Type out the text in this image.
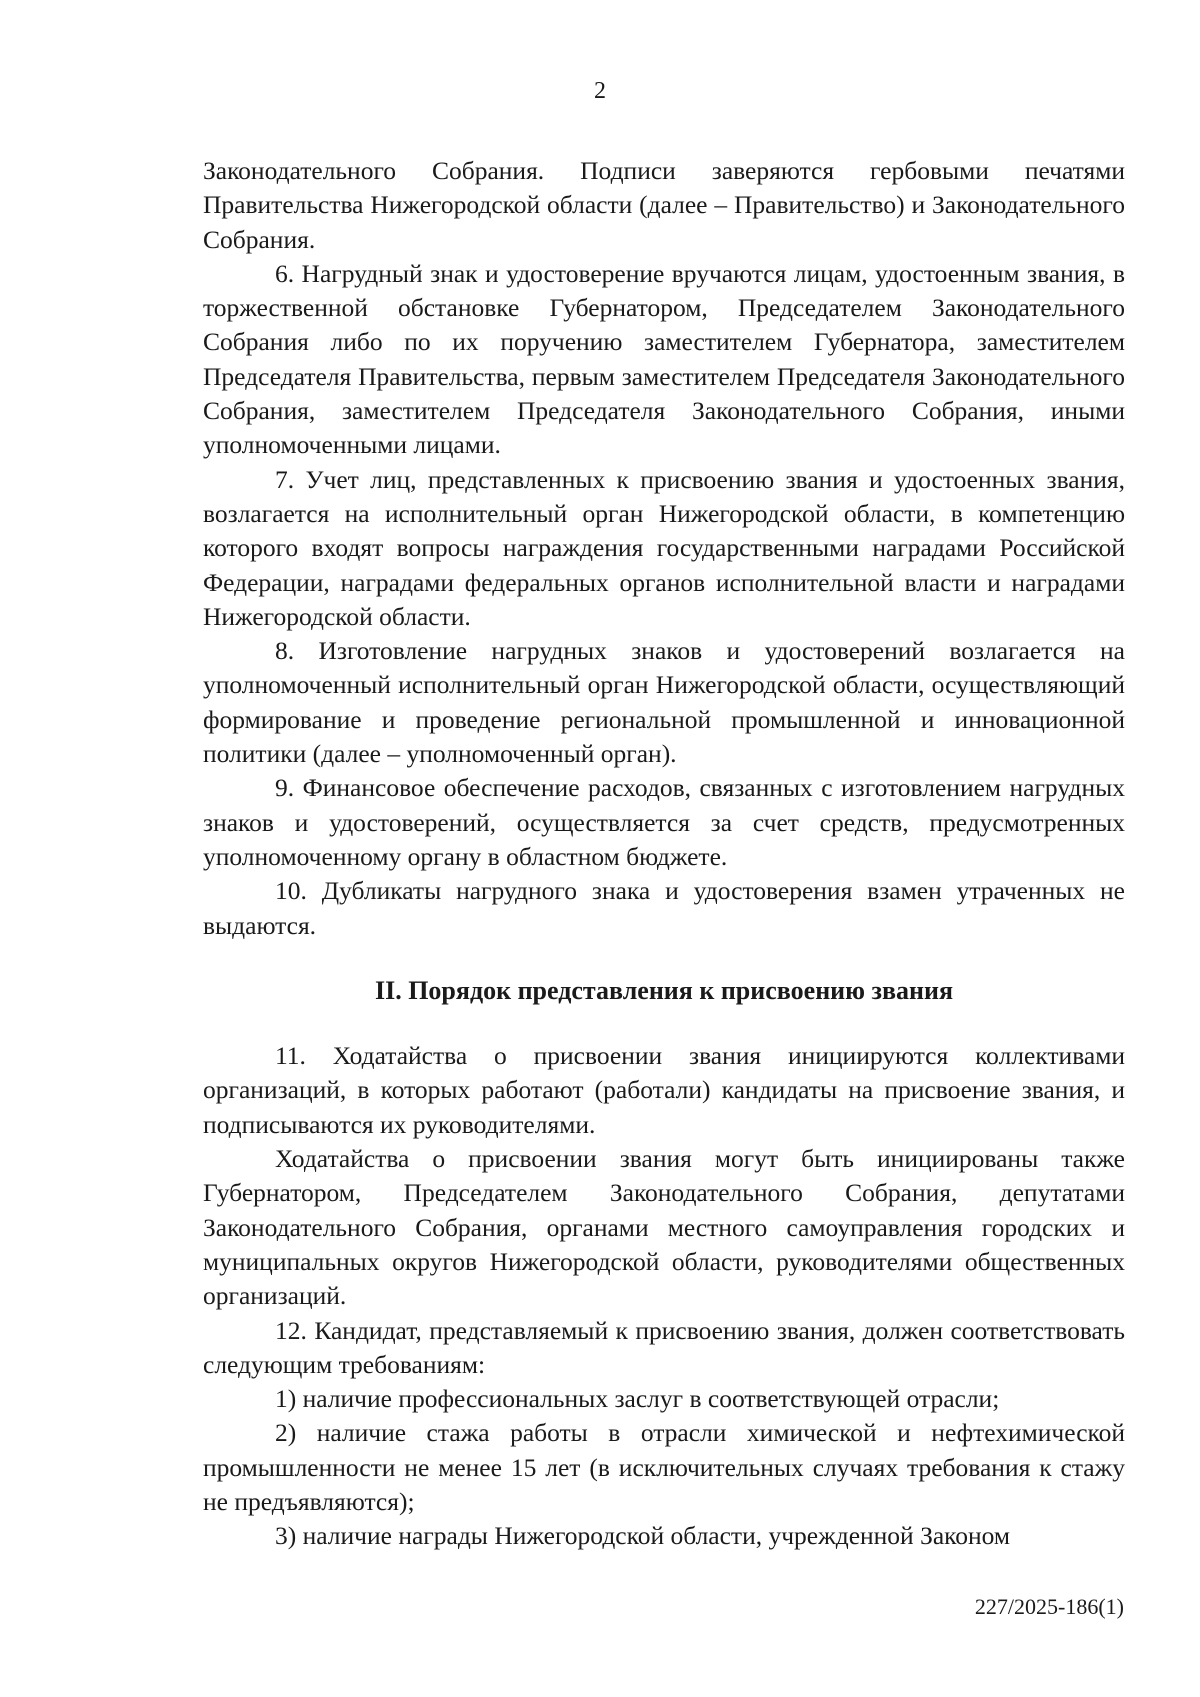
2

Законодательного Собрания. Подписи заверяются гербовыми печатями Правительства Нижегородской области (далее – Правительство) и Законодательного Собрания.

6. Нагрудный знак и удостоверение вручаются лицам, удостоенным звания, в торжественной обстановке Губернатором, Председателем Законодательного Собрания либо по их поручению заместителем Губернатора, заместителем Председателя Правительства, первым заместителем Председателя Законодательного Собрания, заместителем Председателя Законодательного Собрания, иными уполномоченными лицами.

7. Учет лиц, представленных к присвоению звания и удостоенных звания, возлагается на исполнительный орган Нижегородской области, в компетенцию которого входят вопросы награждения государственными наградами Российской Федерации, наградами федеральных органов исполнительной власти и наградами Нижегородской области.

8. Изготовление нагрудных знаков и удостоверений возлагается на уполномоченный исполнительный орган Нижегородской области, осуществляющий формирование и проведение региональной промышленной и инновационной политики (далее – уполномоченный орган).

9. Финансовое обеспечение расходов, связанных с изготовлением нагрудных знаков и удостоверений, осуществляется за счет средств, предусмотренных уполномоченному органу в областном бюджете.

10. Дубликаты нагрудного знака и удостоверения взамен утраченных не выдаются.

II. Порядок представления к присвоению звания

11. Ходатайства о присвоении звания инициируются коллективами организаций, в которых работают (работали) кандидаты на присвоение звания, и подписываются их руководителями.

Ходатайства о присвоении звания могут быть инициированы также Губернатором, Председателем Законодательного Собрания, депутатами Законодательного Собрания, органами местного самоуправления городских и муниципальных округов Нижегородской области, руководителями общественных организаций.

12. Кандидат, представляемый к присвоению звания, должен соответствовать следующим требованиям:

1) наличие профессиональных заслуг в соответствующей отрасли;

2) наличие стажа работы в отрасли химической и нефтехимической промышленности не менее 15 лет (в исключительных случаях требования к стажу не предъявляются);

3) наличие награды Нижегородской области, учрежденной Законом

227/2025-186(1)
